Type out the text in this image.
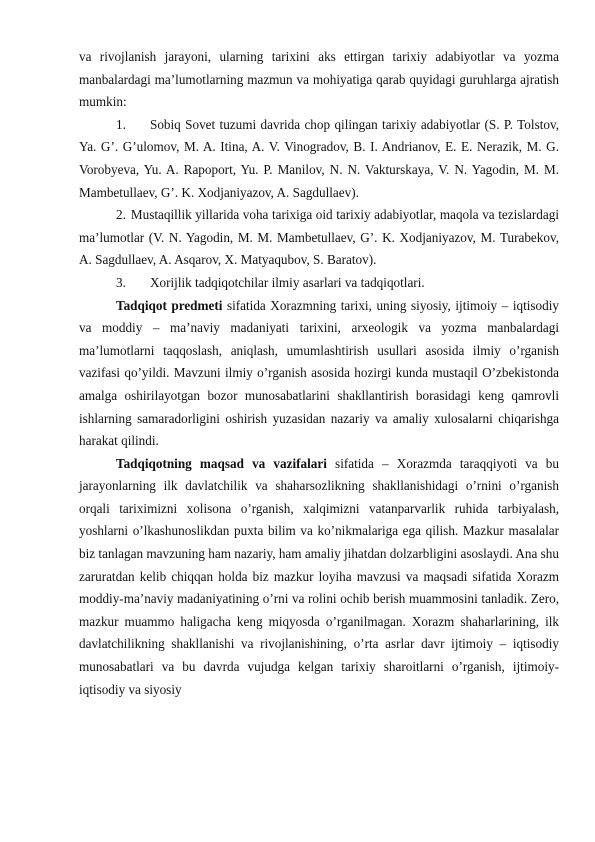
va rivojlanish jarayoni, ularning tarixini aks ettirgan tarixiy adabiyotlar va yozma manbalardagi ma’lumotlarning mazmun va mohiyatiga qarab quyidagi guruhlarga ajratish mumkin:

1. Sobiq Sovet tuzumi davrida chop qilingan tarixiy adabiyotlar (S. P. Tolstov, Ya. G’. G’ulomov, M. A. Itina, A. V. Vinogradov, B. I. Andrianov, E. E. Nerazik, M. G. Vorobyeva, Yu. A. Rapoport, Yu. P. Manilov, N. N. Vakturskaya, V. N. Yagodin, M. M. Mambetullaev, G’. K. Xodjaniyazov, A. Sagdullaev).

2. Mustaqillik yillarida voha tarixiga oid tarixiy adabiyotlar, maqola va tezislardagi ma’lumotlar (V. N. Yagodin, M. M. Mambetullaev, G’. K. Xodjaniyazov, M. Turabekov, A. Sagdullaev, A. Asqarov, X. Matyaqubov, S. Baratov).

3. Xorijlik tadqiqotchilar ilmiy asarlari va tadqiqotlari.

Tadqiqot predmeti sifatida Xorazmning tarixi, uning siyosiy, ijtimoiy – iqtisodiy va moddiy – ma’naviy madaniyati tarixini, arxeologik va yozma manbalardagi ma’lumotlarni taqqoslash, aniqlash, umumlashtirish usullari asosida ilmiy o’rganish vazifasi qo’yildi. Mavzuni ilmiy o’rganish asosida hozirgi kunda mustaqil O’zbekistonda amalga oshirilayotgan bozor munosabatlarini shakllantirish borasidagi keng qamrovli ishlarning samaradorligini oshirish yuzasidan nazariy va amaliy xulosalarni chiqarishga harakat qilindi.

Tadqiqotning maqsad va vazifalari sifatida – Xorazmda taraqqiyoti va bu jarayonlarning ilk davlatchilik va shaharsozlikning shakllanishidagi o’rnini o’rganish orqali tariximizni xolisona o’rganish, xalqimizni vatanparvarlik ruhida tarbiyalash, yoshlarni o’lkashunoslikdan puxta bilim va ko’nikmalariga ega qilish. Mazkur masalalar biz tanlagan mavzuning ham nazariy, ham amaliy jihatdan dolzarbligini asoslaydi. Ana shu zaruratdan kelib chiqqan holda biz mazkur loyiha mavzusi va maqsadi sifatida Xorazm moddiy-ma’naviy madaniyatining o’rni va rolini ochib berish muammosini tanladik. Zero, mazkur muammo haligacha keng miqyosda o’rganilmagan. Xorazm shaharlarining, ilk davlatchilikning shakllanishi va rivojlanishining, o’rta asrlar davr ijtimoiy – iqtisodiy munosabatlari va bu davrda vujudga kelgan tarixiy sharoitlarni o’rganish, ijtimoiy-iqtisodiy va siyosiy
